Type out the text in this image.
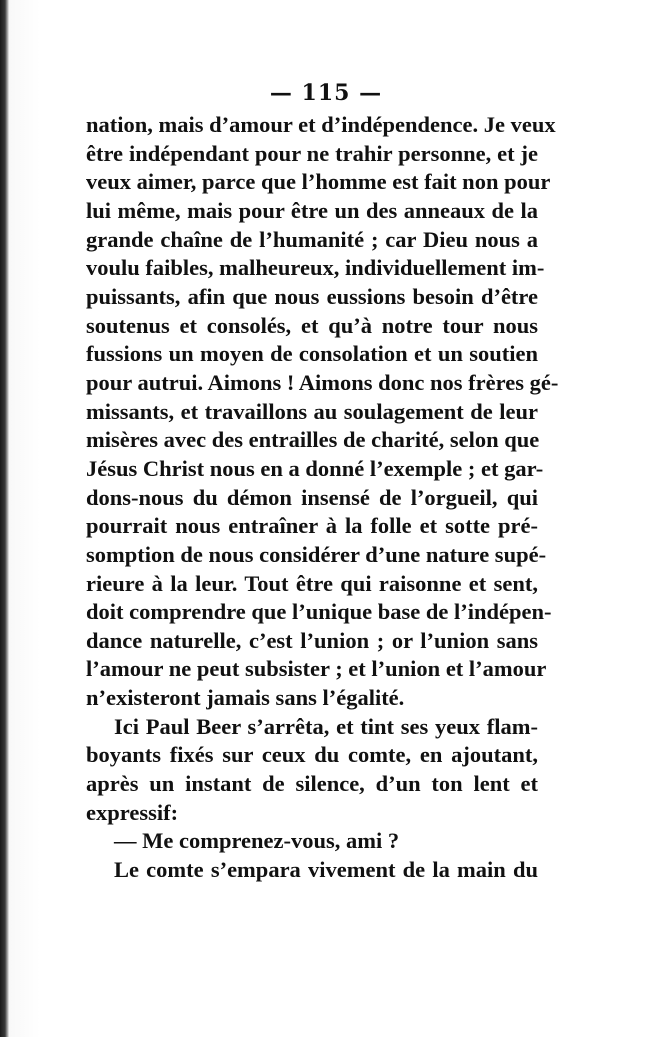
— 115 —
nation, mais d’amour et d’indépendence. Je veux
être indépendant pour ne trahir personne, et je
veux aimer, parce que l’homme est fait non pour
lui même, mais pour être un des anneaux de la
grande chaîne de l’humanité ; car Dieu nous a
voulu faibles, malheureux, individuellement im-
puissants, afin que nous eussions besoin d’être
soutenus et consolés, et qu’à notre tour nous
fussions un moyen de consolation et un soutien
pour autrui. Aimons ! Aimons donc nos frères gé-
missants, et travaillons au soulagement de leur
misères avec des entrailles de charité, selon que
Jésus Christ nous en a donné l’exemple ; et gar-
dons-nous du démon insensé de l’orgueil, qui
pourrait nous entraîner à la folle et sotte pré-
somption de nous considérer d’une nature supé-
rieure à la leur. Tout être qui raisonne et sent,
doit comprendre que l’unique base de l’indépen-
dance naturelle, c’est l’union ; or l’union sans
l’amour ne peut subsister ; et l’union et l’amour
n’existeront jamais sans l’égalité.
Ici Paul Beer s’arrêta, et tint ses yeux flam-
boyants fixés sur ceux du comte, en ajoutant,
après un instant de silence, d’un ton lent et
expressif:
— Me comprenez-vous, ami ?
Le comte s’empara vivement de la main du
